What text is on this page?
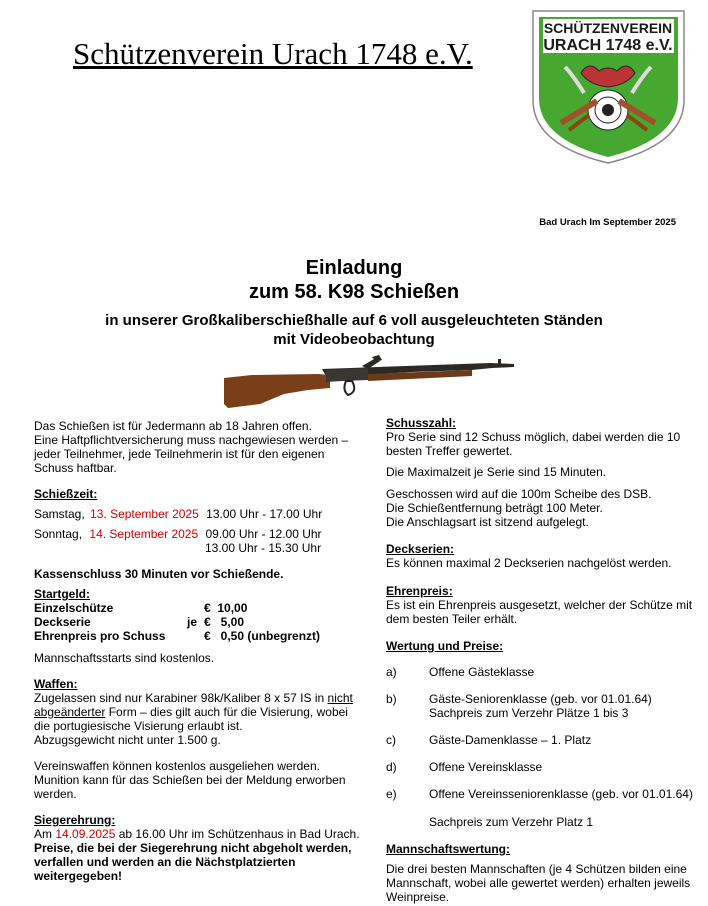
Schützenverein Urach 1748 e.V.
SCHÜTZENVEREIN
URACH 1748 e.V.
Bad Urach Im September 2025
Einladung
zum 58. K98 Schießen
in unserer Großkaliberschießhalle auf 6 voll ausgeleuchteten Ständen
mit Videobeobachtung

Das Schießen ist für Jedermann ab 18 Jahren offen.

Eine Haftpflichtversicherung muss nachgewiesen werden –

jeder Teilnehmer, jede Teilnehmerin ist für den eigenen

Schuss haftbar.

Schießzeit:

Samstag, 13. September 2025 13.00 Uhr - 17.00 Uhr

Sonntag, 14. September 2025 09.00 Uhr - 12.00 Uhr

13.00 Uhr - 15.30 Uhr

Kassenschluss 30 Minuten vor Schießende.

Startgeld:

Einzelschütze	€  10,00
Deckserie	je €   5,00
Ehrenpreis pro Schuss	€   0,50 (unbegrenzt)

Mannschaftsstarts sind kostenlos.

Waffen:

Zugelassen sind nur Karabiner 98k/Kaliber 8 x 57 IS in nicht

abgeänderter Form – dies gilt auch für die Visierung, wobei

die portugiesische Visierung erlaubt ist.

Abzugsgewicht nicht unter 1.500 g.

Vereinswaffen können kostenlos ausgeliehen werden.

Munition kann für das Schießen bei der Meldung erworben

werden.

Siegerehrung:

Am 14.09.2025 ab 16.00 Uhr im Schützenhaus in Bad Urach.

Preise, die bei der Siegerehrung nicht abgeholt werden,

verfallen und werden an die Nächstplatzierten

weitergegeben!

Schusszahl:

Pro Serie sind 12 Schuss möglich, dabei werden die 10

besten Treffer gewertet.

Die Maximalzeit je Serie sind 15 Minuten.

Geschossen wird auf die 100m Scheibe des DSB.

Die Schießentfernung beträgt 100 Meter.

Die Anschlagsart ist sitzend aufgelegt.

Deckserien:

Es können maximal 2 Deckserien nachgelöst werden.

Ehrenpreis:

Es ist ein Ehrenpreis ausgesetzt, welcher der Schütze mit

dem besten Teiler erhält.

Wertung und Preise:

a)	Offene Gästeklasse
b)	Gäste-Seniorenklasse (geb. vor 01.01.64)
Sachpreis zum Verzehr Plätze 1 bis 3
c)	Gäste-Damenklasse – 1. Platz
d)	Offene Vereinsklasse
e)	Offene Vereinsseniorenklasse (geb. vor 01.01.64)

Sachpreis zum Verzehr Platz 1

Mannschaftswertung:

Die drei besten Mannschaften (je 4 Schützen bilden eine

Mannschaft, wobei alle gewertet werden) erhalten jeweils

Weinpreise.
